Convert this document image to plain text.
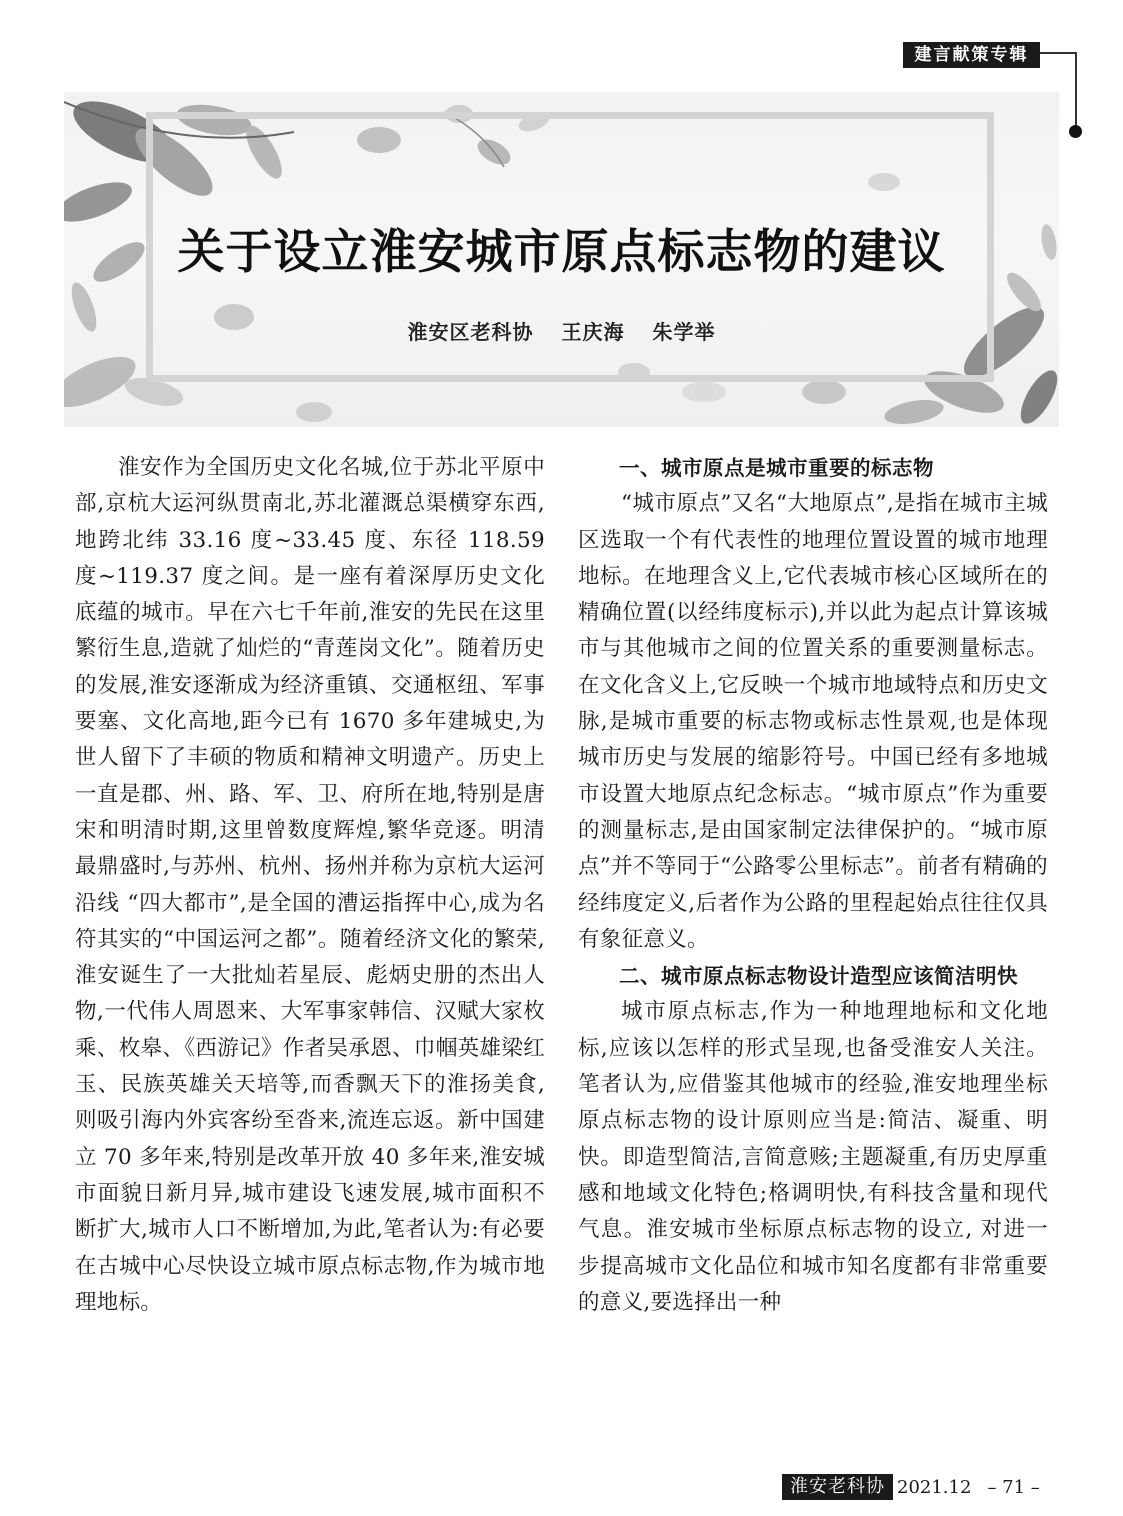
建言献策专辑
关于设立淮安城市原点标志物的建议
淮安区老科协 王庆海 朱学举

淮安作为全国历史文化名城,位于苏北平原中部,京杭大运河纵贯南北,苏北灌溉总渠横穿东西, 地跨北纬 33.16 度~33.45 度、东径 118.59 度~119.37 度之间。是一座有着深厚历史文化底蕴的城市。早在六七千年前,淮安的先民在这里繁衍生息,造就了灿烂的“青莲岗文化”。随着历史的发展,淮安逐渐成为经济重镇、交通枢纽、军事要塞、文化高地,距今已有 1670 多年建城史,为世人留下了丰硕的物质和精神文明遗产。历史上一直是郡、州、路、军、卫、府所在地,特别是唐宋和明清时期,这里曾数度辉煌,繁华竞逐。明清最鼎盛时,与苏州、杭州、扬州并称为京杭大运河沿线 “四大都市”,是全国的漕运指挥中心,成为名符其实的“中国运河之都”。随着经济文化的繁荣,淮安诞生了一大批灿若星辰、彪炳史册的杰出人物,一代伟人周恩来、大军事家韩信、汉赋大家枚乘、枚皋、《西游记》作者吴承恩、巾帼英雄梁红玉、民族英雄关天培等,而香飘天下的淮扬美食,则吸引海内外宾客纷至沓来,流连忘返。新中国建立 70 多年来,特别是改革开放 40 多年来,淮安城市面貌日新月异,城市建设飞速发展,城市面积不断扩大,城市人口不断增加,为此,笔者认为:有必要在古城中心尽快设立城市原点标志物,作为城市地理地标。

一、城市原点是城市重要的标志物

“城市原点”又名“大地原点”,是指在城市主城区选取一个有代表性的地理位置设置的城市地理地标。在地理含义上,它代表城市核心区域所在的精确位置(以经纬度标示),并以此为起点计算该城市与其他城市之间的位置关系的重要测量标志。在文化含义上,它反映一个城市地域特点和历史文脉,是城市重要的标志物或标志性景观,也是体现城市历史与发展的缩影符号。中国已经有多地城市设置大地原点纪念标志。“城市原点”作为重要的测量标志,是由国家制定法律保护的。“城市原点”并不等同于“公路零公里标志”。前者有精确的经纬度定义,后者作为公路的里程起始点往往仅具有象征意义。

二、城市原点标志物设计造型应该简洁明快

城市原点标志,作为一种地理地标和文化地标,应该以怎样的形式呈现,也备受淮安人关注。笔者认为,应借鉴其他城市的经验,淮安地理坐标原点标志物的设计原则应当是:简洁、凝重、明快。即造型简洁,言简意赅;主题凝重,有历史厚重感和地域文化特色;格调明快,有科技含量和现代气息。淮安城市坐标原点标志物的设立, 对进一步提高城市文化品位和城市知名度都有非常重要的意义,要选择出一种

淮安老科协 2021.12 – 71 –
